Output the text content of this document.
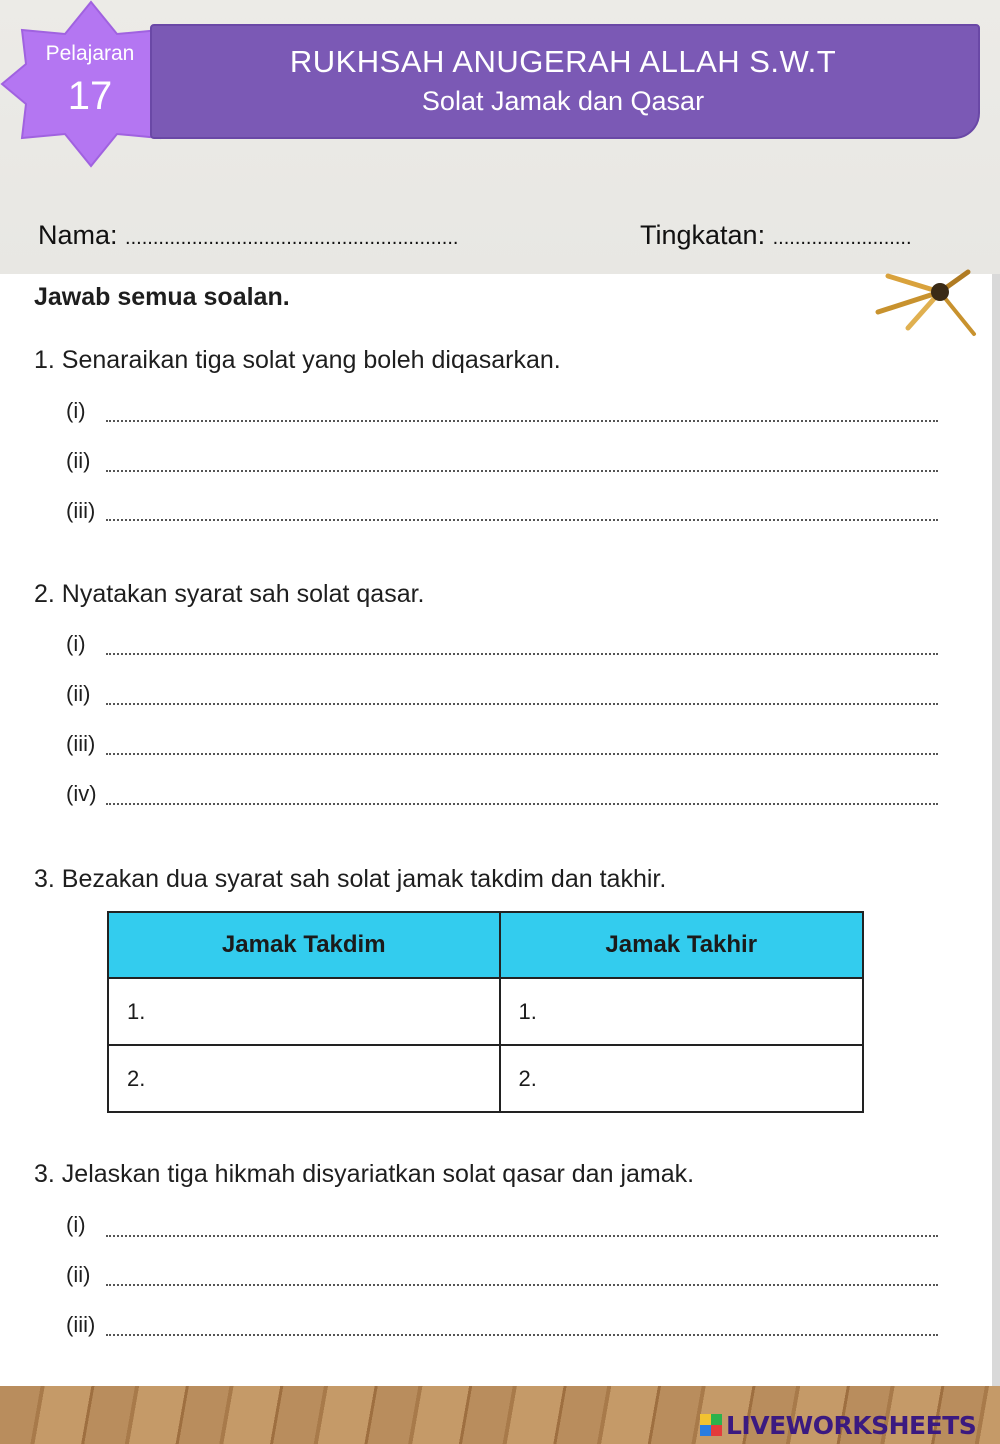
Pelajaran
17
RUKHSAH ANUGERAH ALLAH S.W.T
Solat Jamak dan Qasar
Nama: ............................................................	Tingkatan: .........................
Jawab semua soalan.
1. Senaraikan tiga solat yang boleh diqasarkan.
(i)
(ii)
(iii)
2. Nyatakan syarat sah solat qasar.
(i)
(ii)
(iii)
(iv)
3. Bezakan dua syarat sah solat jamak takdim dan takhir.
Jamak Takdim	Jamak Takhir
1.	1.
2.	2.
3. Jelaskan tiga hikmah disyariatkan solat qasar dan jamak.
(i)
(ii)
(iii)
LIVEWORKSHEETS
